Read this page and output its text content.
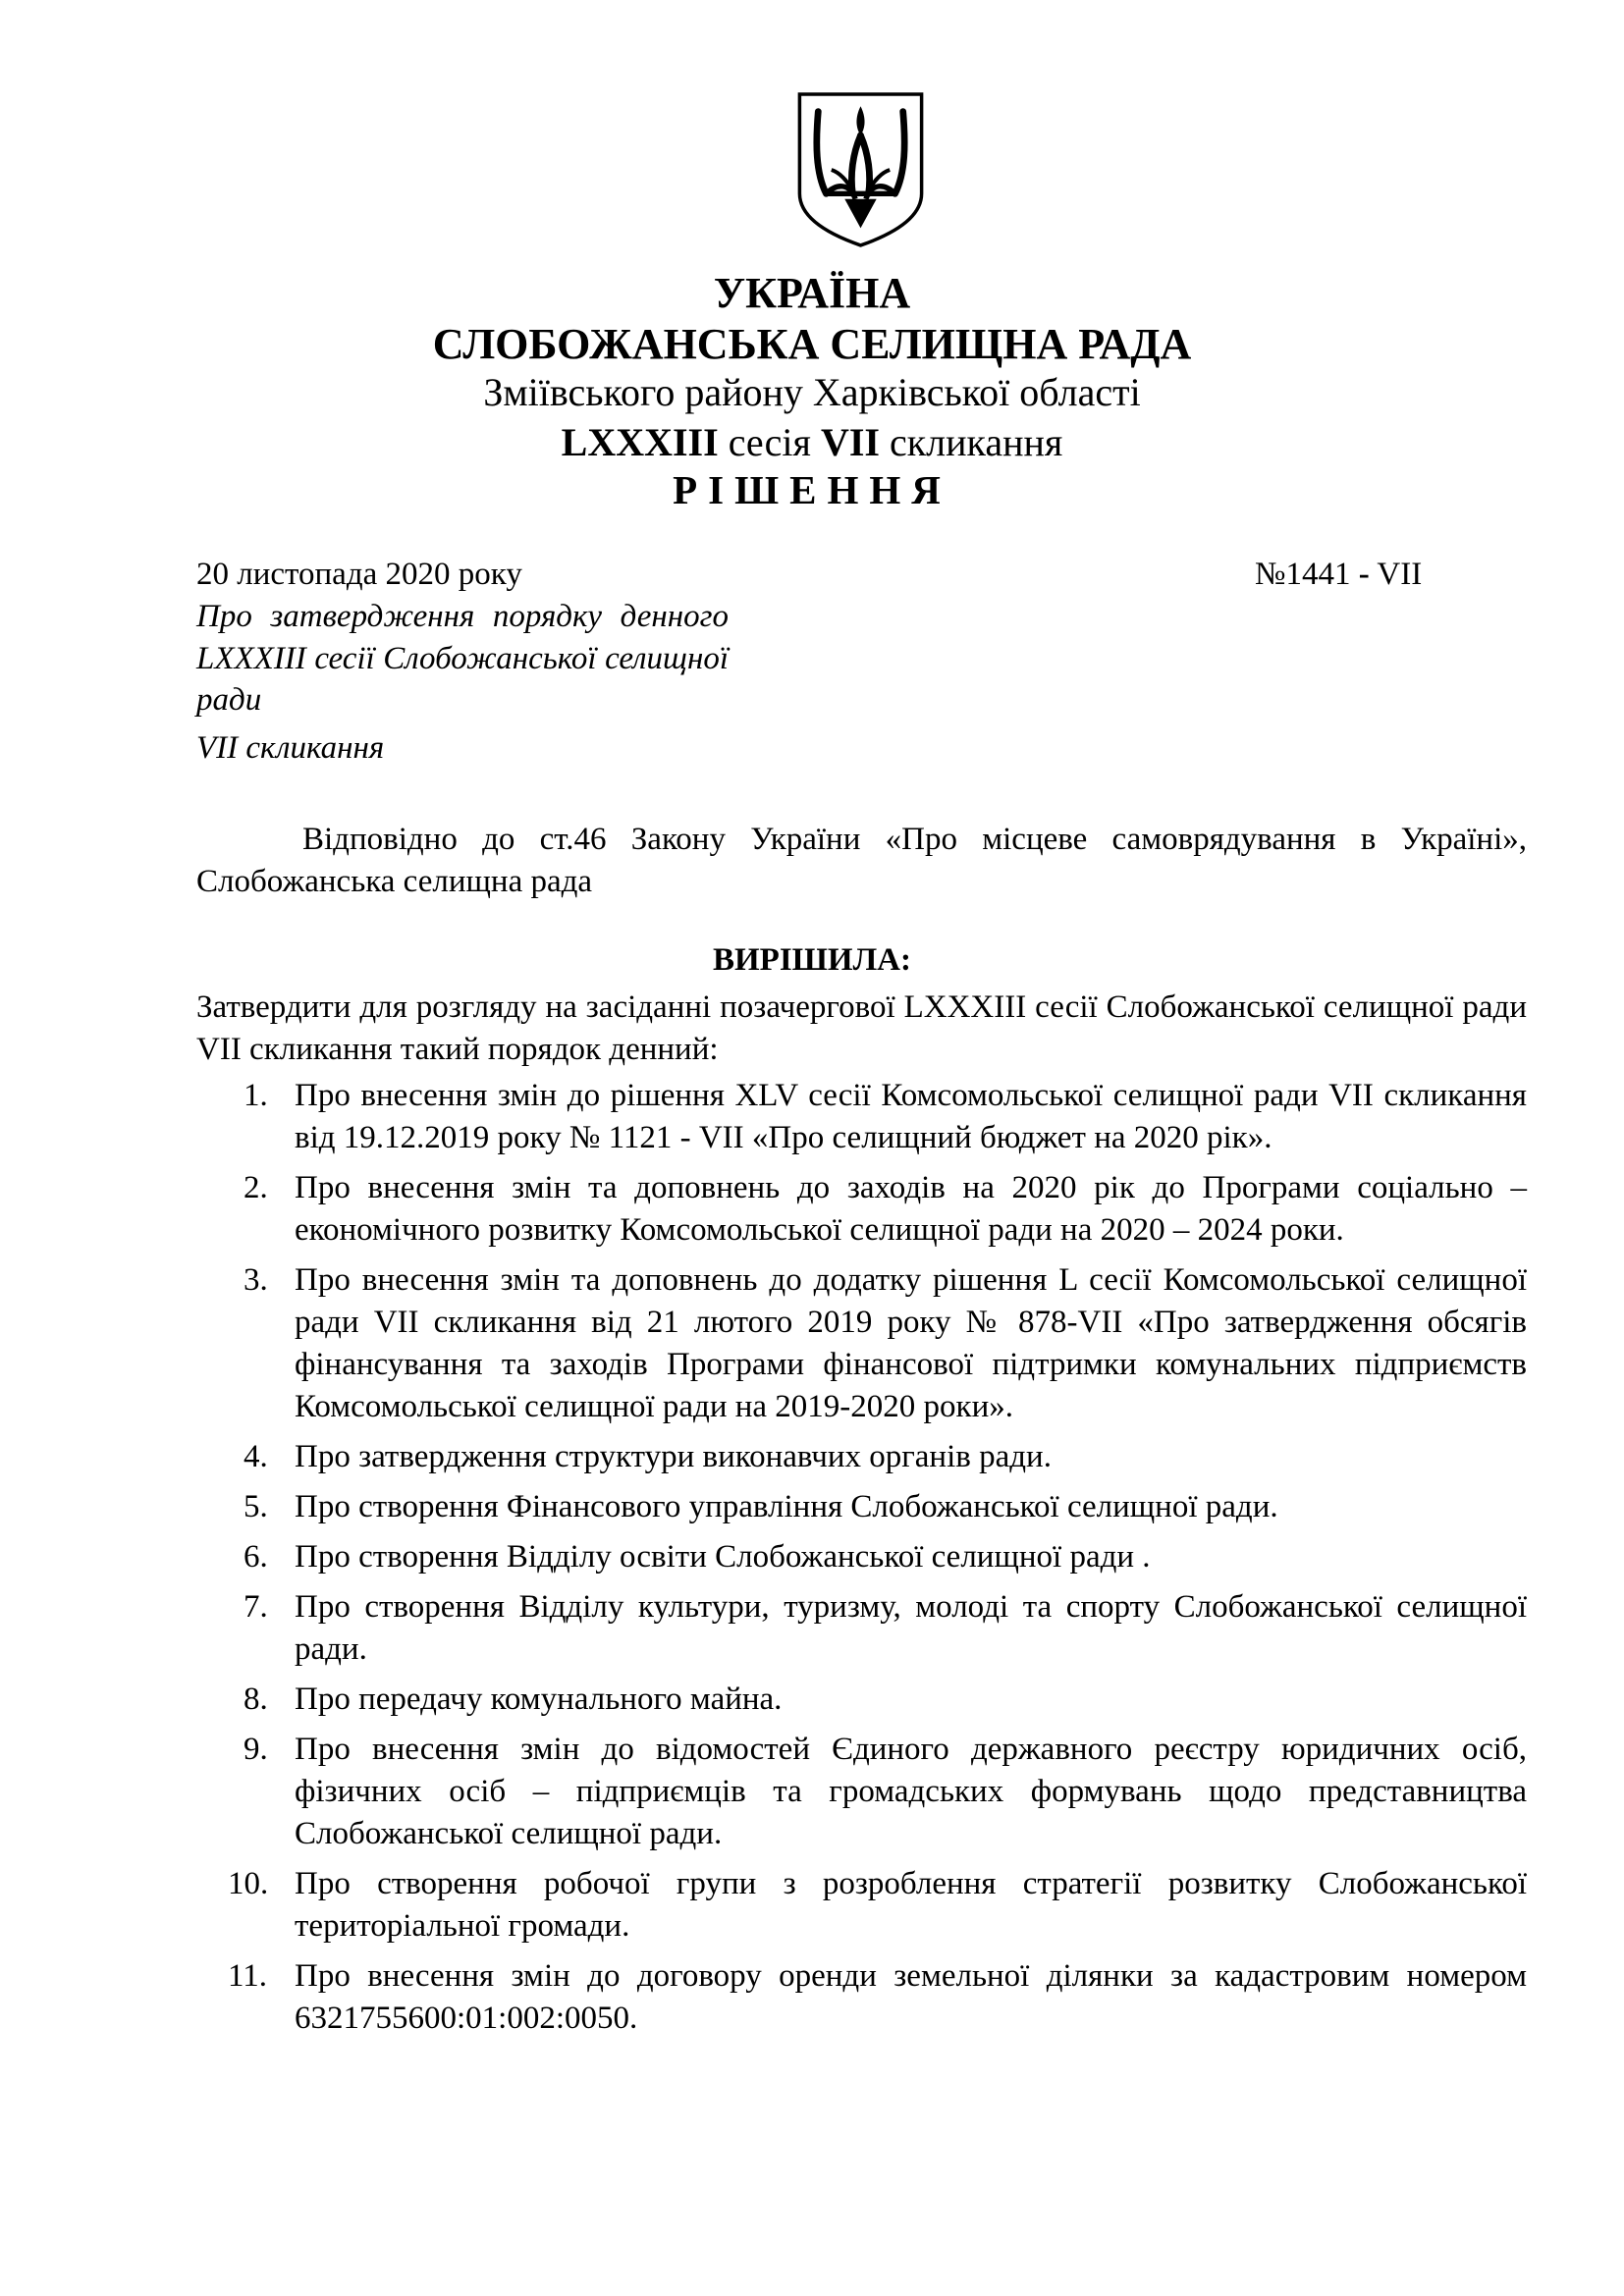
УКРАЇНА
СЛОБОЖАНСЬКА СЕЛИЩНА РАДА
Зміївського району Харківської області
LXXXIII сесія VII скликання
РІШЕННЯ
20 листопада 2020 року	№1441 - VII
Про затвердження порядку денного LXXXIII сесії Слобожанської селищної ради
VII скликання
Відповідно до ст.46 Закону України «Про місцеве самоврядування в Україні», Слобожанська селищна рада
ВИРІШИЛА:
Затвердити для розгляду на засіданні позачергової LXXXIII сесії Слобожанської селищної ради VII скликання такий порядок денний:
1. Про внесення змін до рішення XLV сесії Комсомольської селищної ради VII скликання від 19.12.2019 року № 1121 - VII «Про селищний бюджет на 2020 рік».
2. Про внесення змін та доповнень до заходів на 2020 рік до Програми соціально – економічного розвитку Комсомольської селищної ради на 2020 – 2024 роки.
3. Про внесення змін та доповнень до додатку рішення L сесії Комсомольської селищної ради VII скликання від 21 лютого 2019 року № 878-VII «Про затвердження обсягів фінансування та заходів Програми фінансової підтримки комунальних підприємств Комсомольської селищної ради на 2019-2020 роки».
4. Про затвердження структури виконавчих органів ради.
5. Про створення Фінансового управління Слобожанської селищної ради.
6. Про створення Відділу освіти Слобожанської селищної ради .
7. Про створення Відділу культури, туризму, молоді та спорту Слобожанської селищної ради.
8. Про передачу комунального майна.
9. Про внесення змін до відомостей Єдиного державного реєстру юридичних осіб, фізичних осіб – підприємців та громадських формувань щодо представництва Слобожанської селищної ради.
10. Про створення робочої групи з розроблення стратегії розвитку Слобожанської територіальної громади.
11. Про внесення змін до договору оренди земельної ділянки за кадастровим номером 6321755600:01:002:0050.
